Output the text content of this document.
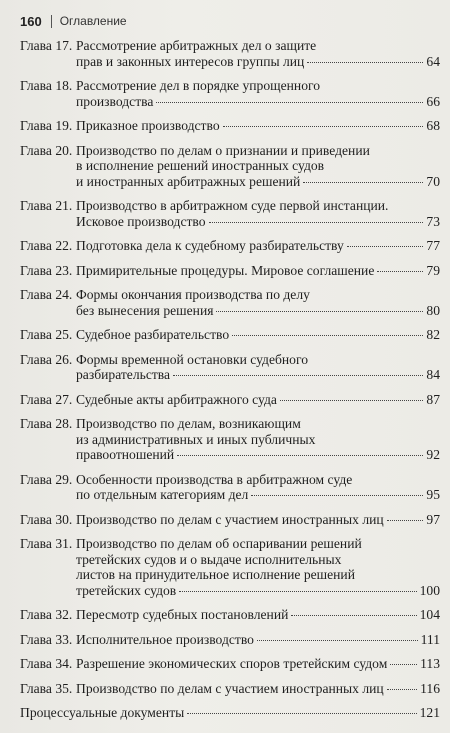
160 Оглавление
Глава 17. Рассмотрение арбитражных дел о защите
прав и законных интересов группы лиц	64
Глава 18. Рассмотрение дел в порядке упрощенного
производства	66
Глава 19. Приказное производство	68
Глава 20. Производство по делам о признании и приведении
в исполнение решений иностранных судов
и иностранных арбитражных решений	70
Глава 21. Производство в арбитражном суде первой инстанции.
Исковое производство	73
Глава 22. Подготовка дела к судебному разбирательству	77
Глава 23. Примирительные процедуры. Мировое соглашение	79
Глава 24. Формы окончания производства по делу
без вынесения решения	80
Глава 25. Судебное разбирательство	82
Глава 26. Формы временной остановки судебного
разбирательства	84
Глава 27. Судебные акты арбитражного суда	87
Глава 28. Производство по делам, возникающим
из административных и иных публичных
правоотношений	92
Глава 29. Особенности производства в арбитражном суде
по отдельным категориям дел	95
Глава 30. Производство по делам с участием иностранных лиц	97
Глава 31. Производство по делам об оспаривании решений
третейских судов и о выдаче исполнительных
листов на принудительное исполнение решений
третейских судов	100
Глава 32. Пересмотр судебных постановлений	104
Глава 33. Исполнительное производство	111
Глава 34. Разрешение экономических споров третейским судом 113
Глава 35. Производство по делам с участием иностранных лиц	116
Процессуальные документы	121
